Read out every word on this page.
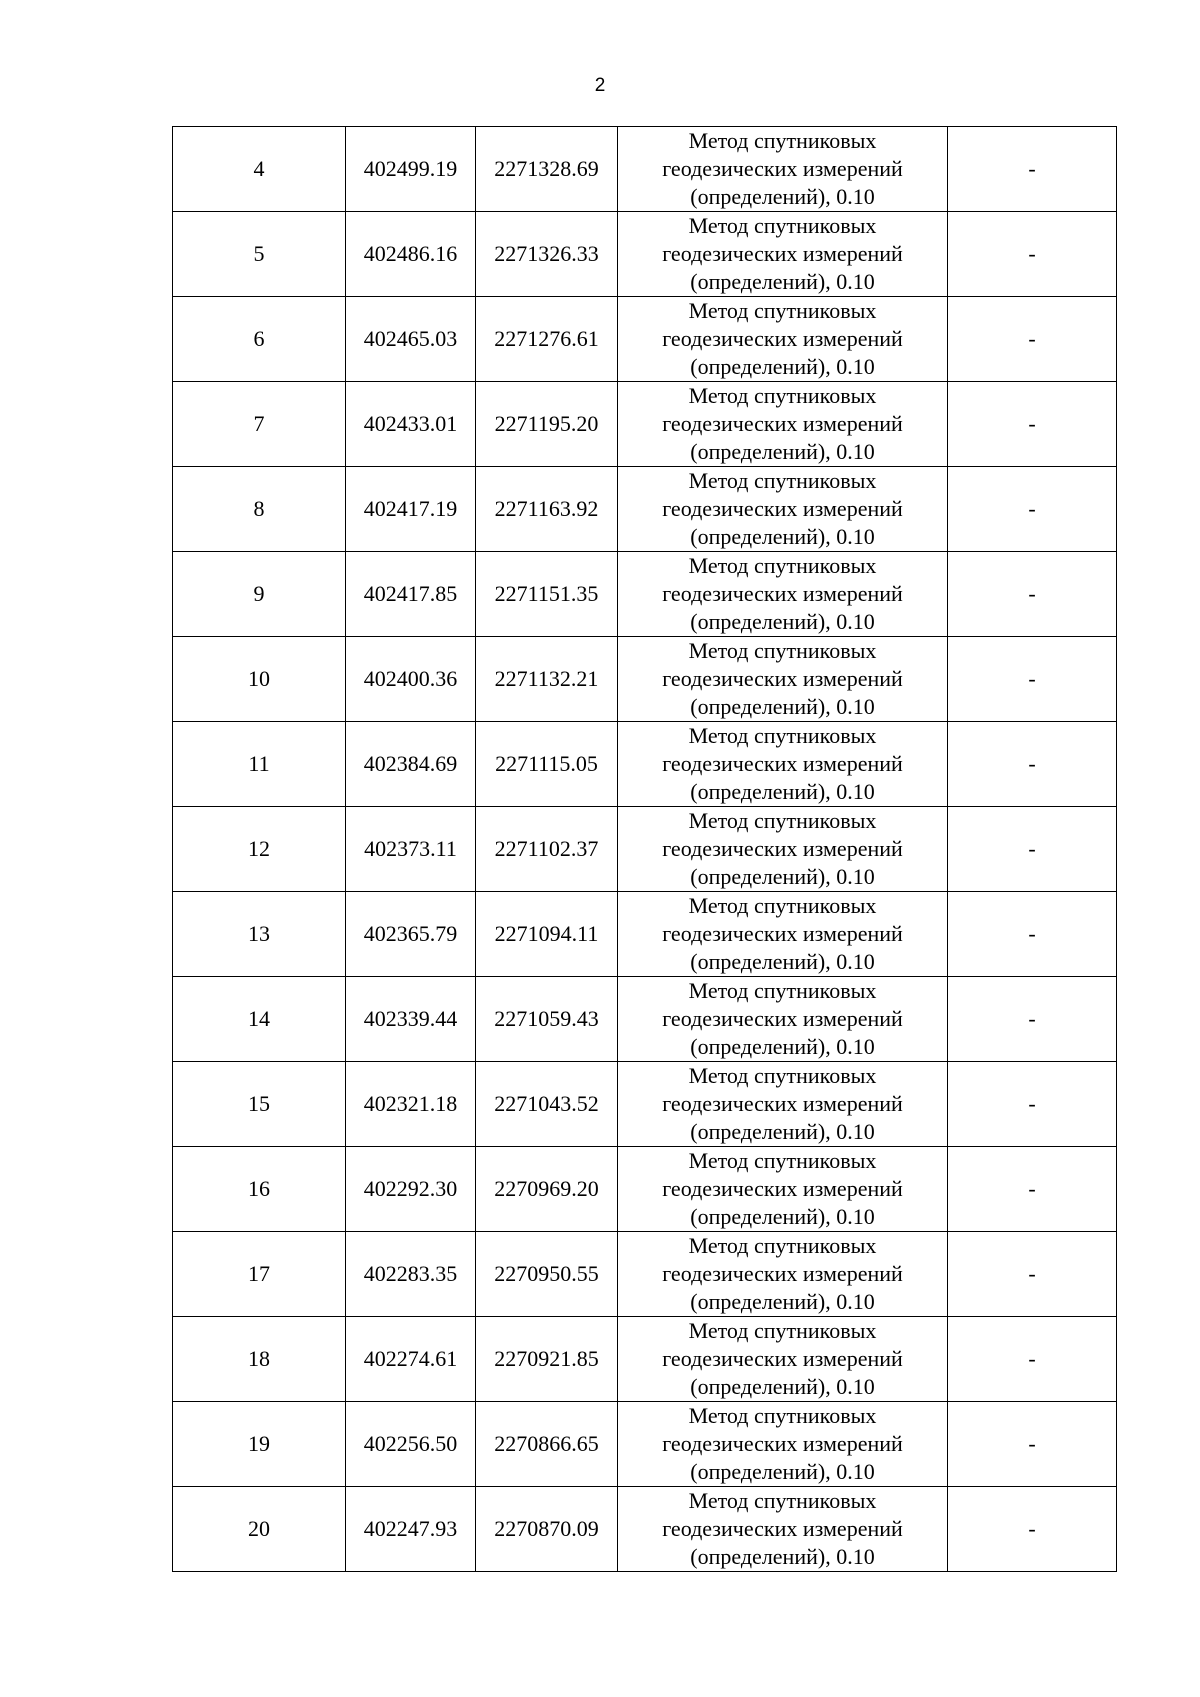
2
4	402499.19	2271328.69	Метод спутниковых
геодезических измерений
(определений), 0.10	-
5	402486.16	2271326.33	Метод спутниковых
геодезических измерений
(определений), 0.10	-
6	402465.03	2271276.61	Метод спутниковых
геодезических измерений
(определений), 0.10	-
7	402433.01	2271195.20	Метод спутниковых
геодезических измерений
(определений), 0.10	-
8	402417.19	2271163.92	Метод спутниковых
геодезических измерений
(определений), 0.10	-
9	402417.85	2271151.35	Метод спутниковых
геодезических измерений
(определений), 0.10	-
10	402400.36	2271132.21	Метод спутниковых
геодезических измерений
(определений), 0.10	-
11	402384.69	2271115.05	Метод спутниковых
геодезических измерений
(определений), 0.10	-
12	402373.11	2271102.37	Метод спутниковых
геодезических измерений
(определений), 0.10	-
13	402365.79	2271094.11	Метод спутниковых
геодезических измерений
(определений), 0.10	-
14	402339.44	2271059.43	Метод спутниковых
геодезических измерений
(определений), 0.10	-
15	402321.18	2271043.52	Метод спутниковых
геодезических измерений
(определений), 0.10	-
16	402292.30	2270969.20	Метод спутниковых
геодезических измерений
(определений), 0.10	-
17	402283.35	2270950.55	Метод спутниковых
геодезических измерений
(определений), 0.10	-
18	402274.61	2270921.85	Метод спутниковых
геодезических измерений
(определений), 0.10	-
19	402256.50	2270866.65	Метод спутниковых
геодезических измерений
(определений), 0.10	-
20	402247.93	2270870.09	Метод спутниковых
геодезических измерений
(определений), 0.10	-
